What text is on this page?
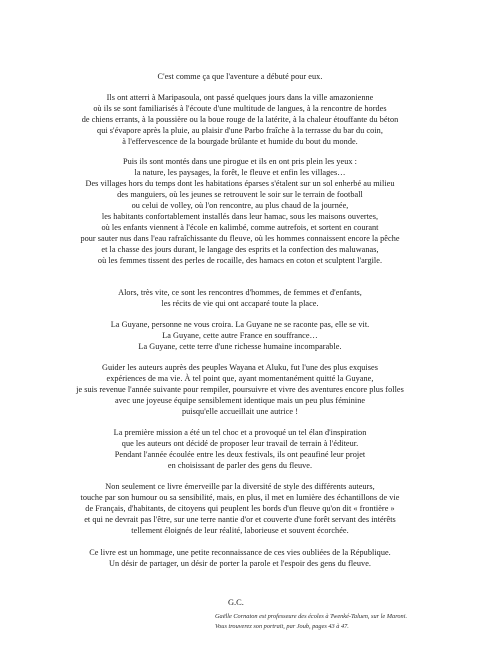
C'est comme ça que l'aventure a débuté pour eux.
Ils ont atterri à Maripasoula, ont passé quelques jours dans la ville amazonienne
où ils se sont familiarisés à l'écoute d'une multitude de langues, à la rencontre de hordes
de chiens errants, à la poussière ou la boue rouge de la latérite, à la chaleur étouffante du béton
qui s'évapore après la pluie, au plaisir d'une Parbo fraîche à la terrasse du bar du coin,
à l'effervescence de la bourgade brûlante et humide du bout du monde.
Puis ils sont montés dans une pirogue et ils en ont pris plein les yeux :
la nature, les paysages, la forêt, le fleuve et enfin les villages…
Des villages hors du temps dont les habitations éparses s'étalent sur un sol enherbé au milieu
des manguiers, où les jeunes se retrouvent le soir sur le terrain de football
ou celui de volley, où l'on rencontre, au plus chaud de la journée,
les habitants confortablement installés dans leur hamac, sous les maisons ouvertes,
où les enfants viennent à l'école en kalimbé, comme autrefois, et sortent en courant
pour sauter nus dans l'eau rafraîchissante du fleuve, où les hommes connaissent encore la pêche
et la chasse des jours durant, le langage des esprits et la confection des maluwanas,
où les femmes tissent des perles de rocaille, des hamacs en coton et sculptent l'argile.
Alors, très vite, ce sont les rencontres d'hommes, de femmes et d'enfants,
les récits de vie qui ont accaparé toute la place.
La Guyane, personne ne vous croira. La Guyane ne se raconte pas, elle se vit.
La Guyane, cette autre France en souffrance…
La Guyane, cette terre d'une richesse humaine incomparable.
Guider les auteurs auprès des peuples Wayana et Aluku, fut l'une des plus exquises
expériences de ma vie. À tel point que, ayant momentanément quitté la Guyane,
je suis revenue l'année suivante pour rempiler, poursuivre et vivre des aventures encore plus folles
avec une joyeuse équipe sensiblement identique mais un peu plus féminine
puisqu'elle accueillait une autrice !
La première mission a été un tel choc et a provoqué un tel élan d'inspiration
que les auteurs ont décidé de proposer leur travail de terrain à l'éditeur.
Pendant l'année écoulée entre les deux festivals, ils ont peaufiné leur projet
en choisissant de parler des gens du fleuve.
Non seulement ce livre émerveille par la diversité de style des différents auteurs,
touche par son humour ou sa sensibilité, mais, en plus, il met en lumière des échantillons de vie
de Français, d'habitants, de citoyens qui peuplent les bords d'un fleuve qu'on dit « frontière »
et qui ne devrait pas l'être, sur une terre nantie d'or et couverte d'une forêt servant des intérêts
tellement éloignés de leur réalité, laborieuse et souvent écorchée.
Ce livre est un hommage, une petite reconnaissance de ces vies oubliées de la République.
Un désir de partager, un désir de porter la parole et l'espoir des gens du fleuve.
G.C.
Gaëlle Cornaton est professeure des écoles à Twenké-Taluen, sur le Maroni.
Vous trouverez son portrait, par Joub, pages 43 à 47.
